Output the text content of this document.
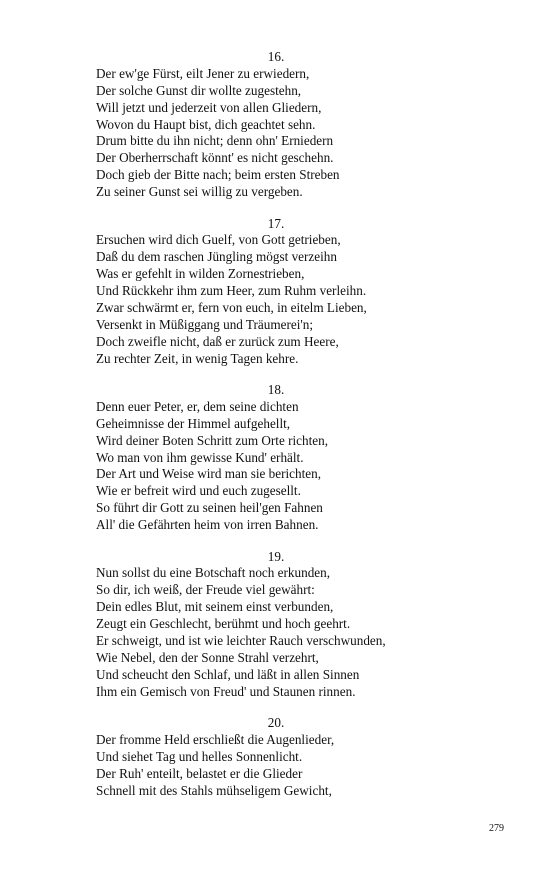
16.
Der ew'ge Fürst, eilt Jener zu erwiedern,
Der solche Gunst dir wollte zugestehn,
Will jetzt und jederzeit von allen Gliedern,
Wovon du Haupt bist, dich geachtet sehn.
Drum bitte du ihn nicht; denn ohn' Erniedern
Der Oberherrschaft könnt' es nicht geschehn.
Doch gieb der Bitte nach; beim ersten Streben
Zu seiner Gunst sei willig zu vergeben.
17.
Ersuchen wird dich Guelf, von Gott getrieben,
Daß du dem raschen Jüngling mögst verzeihn
Was er gefehlt in wilden Zornestrieben,
Und Rückkehr ihm zum Heer, zum Ruhm verleihn.
Zwar schwärmt er, fern von euch, in eitelm Lieben,
Versenkt in Müßiggang und Träumerei'n;
Doch zweifle nicht, daß er zurück zum Heere,
Zu rechter Zeit, in wenig Tagen kehre.
18.
Denn euer Peter, er, dem seine dichten
Geheimnisse der Himmel aufgehellt,
Wird deiner Boten Schritt zum Orte richten,
Wo man von ihm gewisse Kund' erhält.
Der Art und Weise wird man sie berichten,
Wie er befreit wird und euch zugesellt.
So führt dir Gott zu seinen heil'gen Fahnen
All' die Gefährten heim von irren Bahnen.
19.
Nun sollst du eine Botschaft noch erkunden,
So dir, ich weiß, der Freude viel gewährt:
Dein edles Blut, mit seinem einst verbunden,
Zeugt ein Geschlecht, berühmt und hoch geehrt.
Er schweigt, und ist wie leichter Rauch verschwunden,
Wie Nebel, den der Sonne Strahl verzehrt,
Und scheucht den Schlaf, und läßt in allen Sinnen
Ihm ein Gemisch von Freud' und Staunen rinnen.
20.
Der fromme Held erschließt die Augenlieder,
Und siehet Tag und helles Sonnenlicht.
Der Ruh' enteilt, belastet er die Glieder
Schnell mit des Stahls mühseligem Gewicht,
279
